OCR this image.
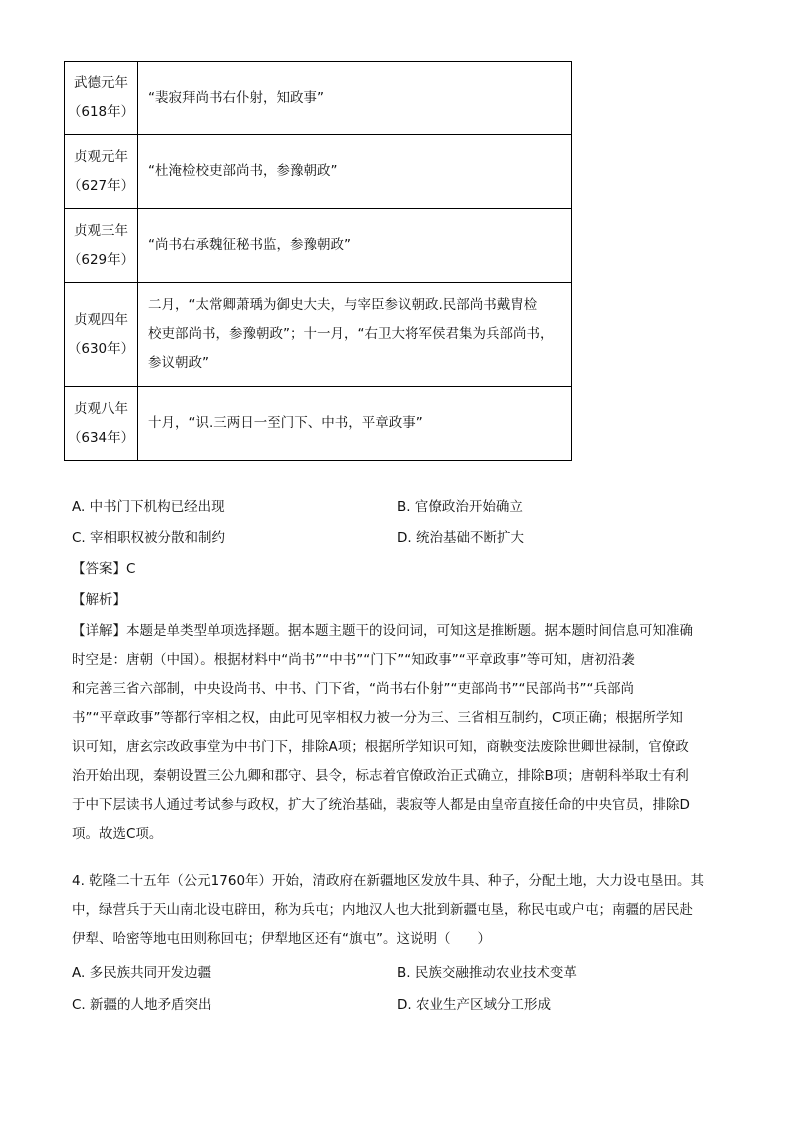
武德元年
（618年）	“裴寂拜尚书右仆射，知政事”

贞观元年
（627年）	“杜淹检校吏部尚书，参豫朝政”

贞观三年
（629年）	“尚书右承魏征秘书监，参豫朝政”

贞观四年
（630年）	二月，“太常卿萧瑀为御史大夫，与宰臣参议朝政.民部尚书戴胄检
校吏部尚书，参豫朝政”；十一月，“右卫大将军侯君集为兵部尚书，
参议朝政”

贞观八年
（634年）	十月，“识.三两日一至门下、中书，平章政事”
A. 中书门下机构已经出现	B. 官僚政治开始确立
C. 宰相职权被分散和制约	D. 统治基础不断扩大
【答案】C
【解析】
【详解】本题是单类型单项选择题。据本题主题干的设问词，可知这是推断题。据本题时间信息可知准确
时空是：唐朝（中国）。根据材料中“尚书”“中书”“门下”“知政事”“平章政事”等可知，唐初沿袭
和完善三省六部制，中央设尚书、中书、门下省，“尚书右仆射”“吏部尚书”“民部尚书”“兵部尚
书”“平章政事”等都行宰相之权，由此可见宰相权力被一分为三、三省相互制约，C项正确；根据所学知
识可知，唐玄宗改政事堂为中书门下，排除A项；根据所学知识可知，商鞅变法废除世卿世禄制，官僚政
治开始出现，秦朝设置三公九卿和郡守、县令，标志着官僚政治正式确立，排除B项；唐朝科举取士有利
于中下层读书人通过考试参与政权，扩大了统治基础，裴寂等人都是由皇帝直接任命的中央官员，排除D
项。故选C项。
4. 乾隆二十五年（公元1760年）开始，清政府在新疆地区发放牛具、种子，分配土地，大力设屯垦田。其
中，绿营兵于天山南北设屯辟田，称为兵屯；内地汉人也大批到新疆屯垦，称民屯或户屯；南疆的居民赴
伊犁、哈密等地屯田则称回屯；伊犁地区还有“旗屯”。这说明（　　）
A. 多民族共同开发边疆	B. 民族交融推动农业技术变革
C. 新疆的人地矛盾突出	D. 农业生产区域分工形成
